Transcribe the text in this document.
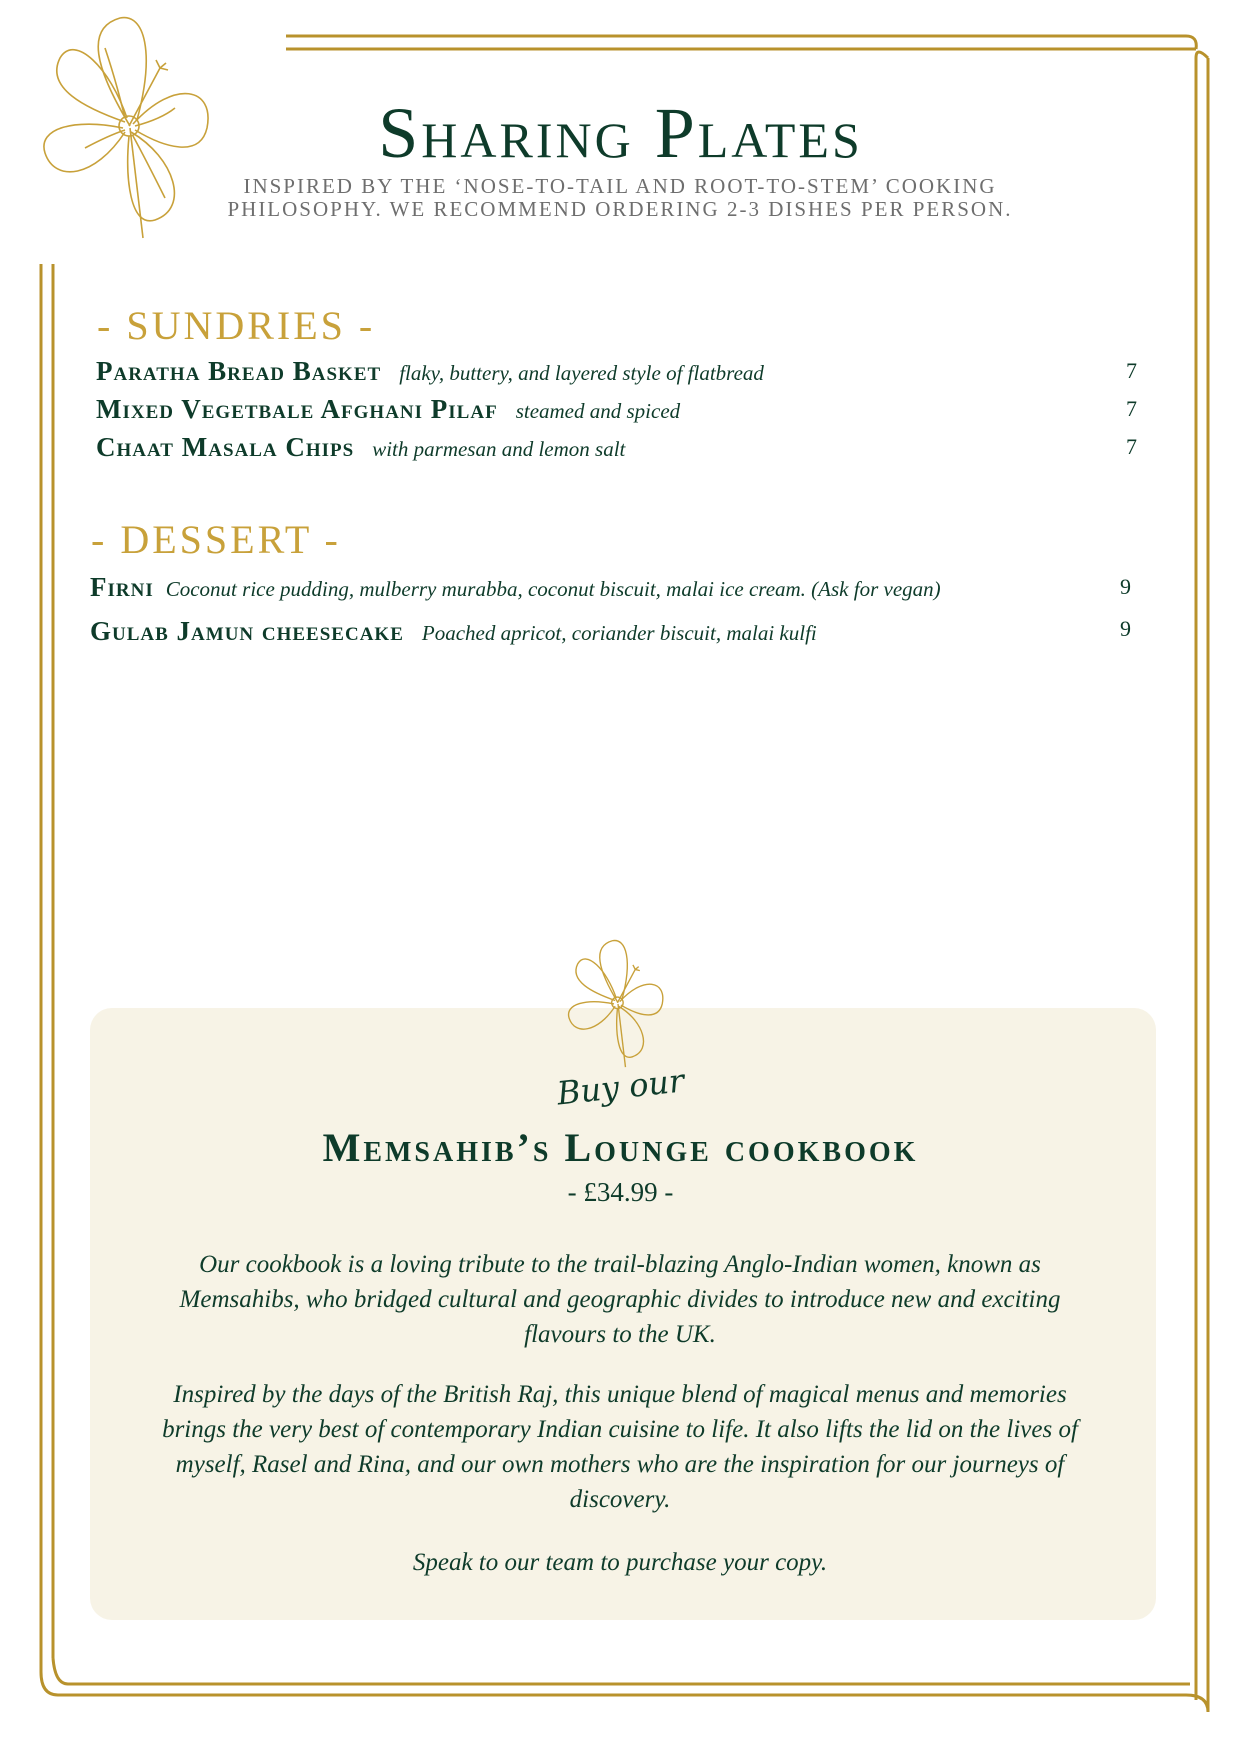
Sharing Plates
INSPIRED BY THE ‘NOSE-TO-TAIL AND ROOT-TO-STEM’ COOKING PHILOSOPHY. WE RECOMMEND ORDERING 2-3 DISHES PER PERSON.
- SUNDRIES -
Paratha Bread Basket flaky, buttery, and layered style of flatbread	7
Mixed Vegetbale Afghani Pilaf steamed and spiced	7
Chaat Masala Chips with parmesan and lemon salt	7
- DESSERT -
Firni Coconut rice pudding, mulberry murabba, coconut biscuit, malai ice cream. (Ask for vegan)	9
Gulab Jamun cheesecake Poached apricot, coriander biscuit, malai kulfi	9
Buy our
Memsahib’s Lounge cookbook
- £34.99 -
Our cookbook is a loving tribute to the trail-blazing Anglo-Indian women, known as Memsahibs, who bridged cultural and geographic divides to introduce new and exciting flavours to the UK.
Inspired by the days of the British Raj, this unique blend of magical menus and memories brings the very best of contemporary Indian cuisine to life. It also lifts the lid on the lives of myself, Rasel and Rina, and our own mothers who are the inspiration for our journeys of discovery.
Speak to our team to purchase your copy.
